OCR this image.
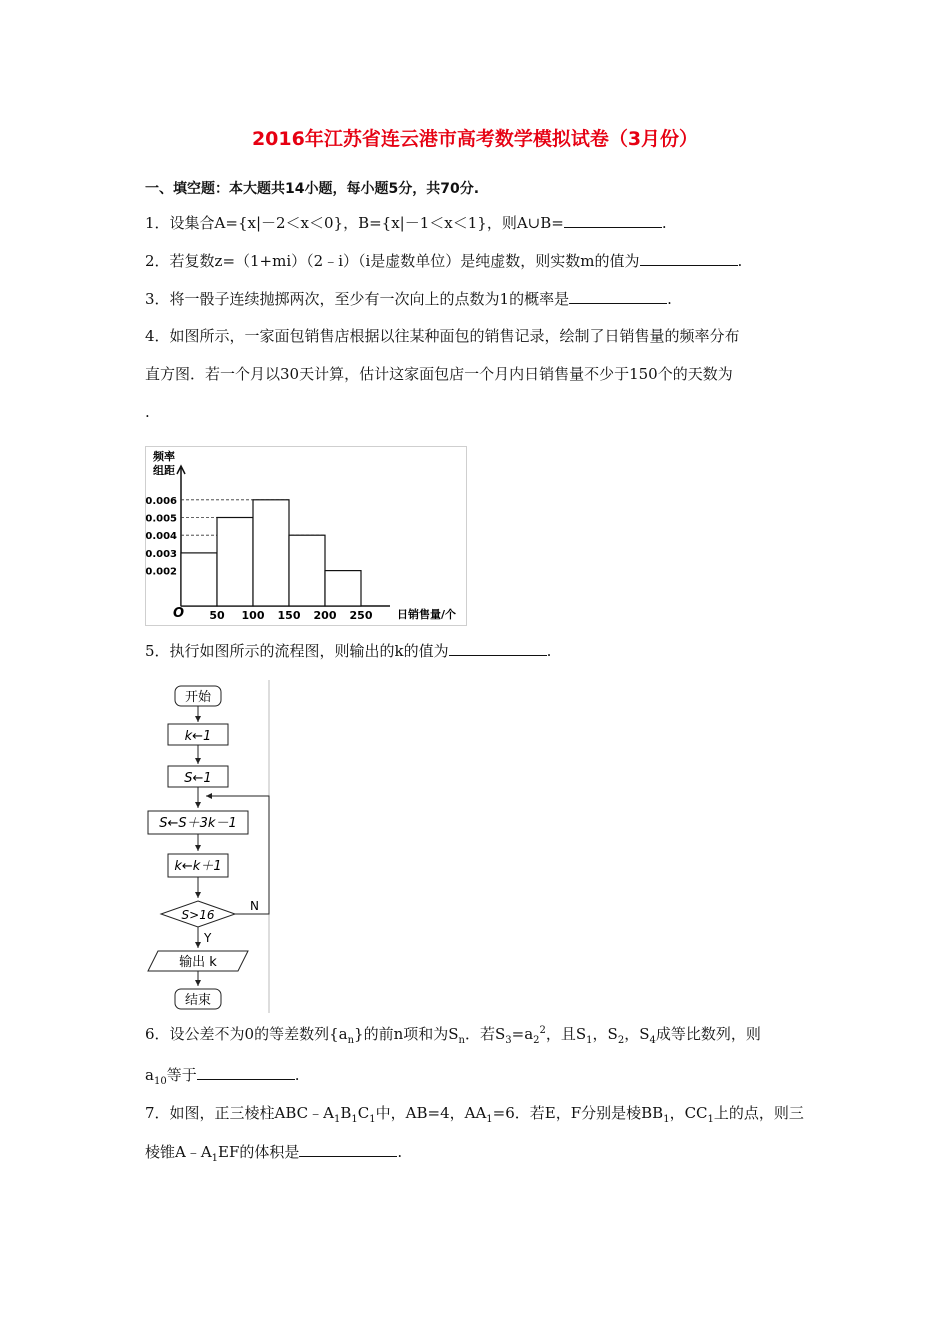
2016年江苏省连云港市高考数学模拟试卷（3月份）
一、填空题：本大题共14小题，每小题5分，共70分.
1．设集合A={x|－2＜x＜0}，B={x|－1＜x＜1}，则A∪B=	.
2．若复数z=（1+mi）（2﹣i）（i是虚数单位）是纯虚数，则实数m的值为	.
3．将一骰子连续抛掷两次，至少有一次向上的点数为1的概率是	.
4．如图所示，一家面包销售店根据以往某种面包的销售记录，绘制了日销售量的频率分布
直方图．若一个月以30天计算，估计这家面包店一个月内日销售量不少于150个的天数为
.
0.006
0.005
0.004
0.003
0.002
50 100 150 200 250
频率
组距
O	日销售量/个
5．执行如图所示的流程图，则输出的k的值为	.
开始
k←1
S←1
S←S＋3k－1
k←k＋1
S>16
N
Y
输出 k
结束
6．设公差不为0的等差数列$\{a_n\}$的前n项和为$S_n$．若$S_3=a_2^2$，且$S_1$，$S_2$，$S_4$成等比数列，则
$a_{10}$等于	.
7．如图，正三棱柱$ABC﹣A_1B_1C_1$中，AB=4，$AA_1=6$．若E，F分别是棱$BB_1$，$CC_1$上的点，则三
棱锥$A﹣A_1EF$的体积是	.
